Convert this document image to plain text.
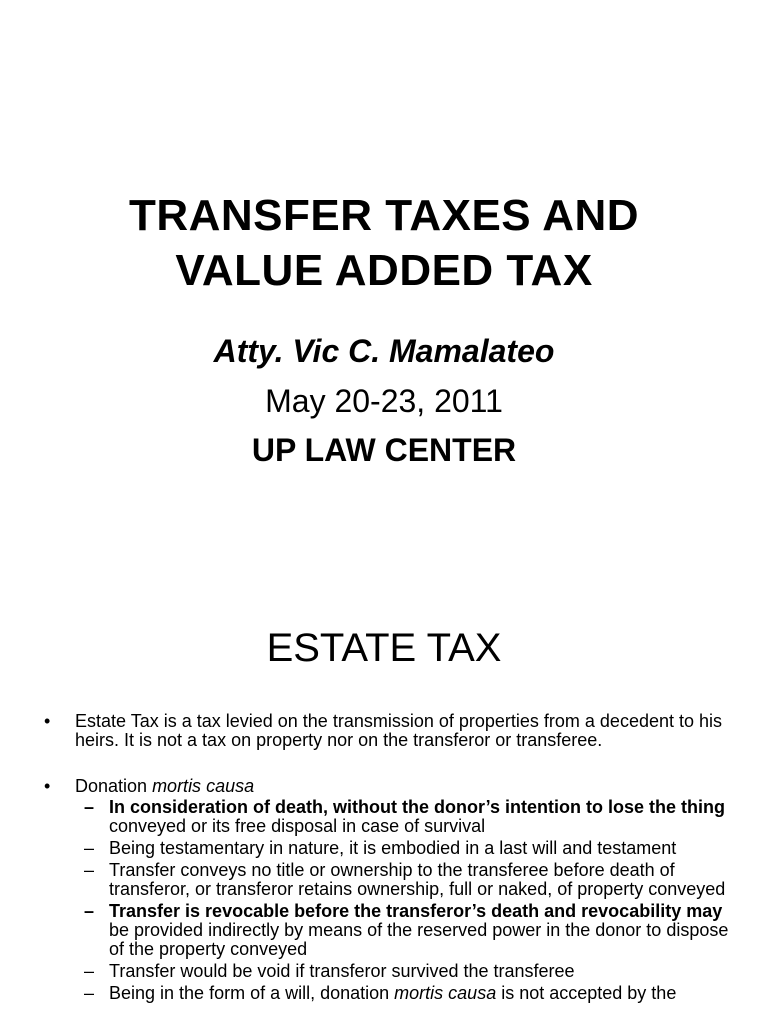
TRANSFER TAXES AND
VALUE ADDED TAX
Atty. Vic C. Mamalateo
May 20-23, 2011
UP LAW CENTER
ESTATE TAX
• Estate Tax is a tax levied on the transmission of properties from a decedent to his heirs. It is not a tax on property nor on the transferor or transferee.
• Donation mortis causa
– In consideration of death, without the donor’s intention to lose the thing conveyed or its free disposal in case of survival
– Being testamentary in nature, it is embodied in a last will and testament
– Transfer conveys no title or ownership to the transferee before death of transferor, or transferor retains ownership, full or naked, of property conveyed
– Transfer is revocable before the transferor’s death and revocability may be provided indirectly by means of the reserved power in the donor to dispose of the property conveyed
– Transfer would be void if transferor survived the transferee
– Being in the form of a will, donation mortis causa is not accepted by the
